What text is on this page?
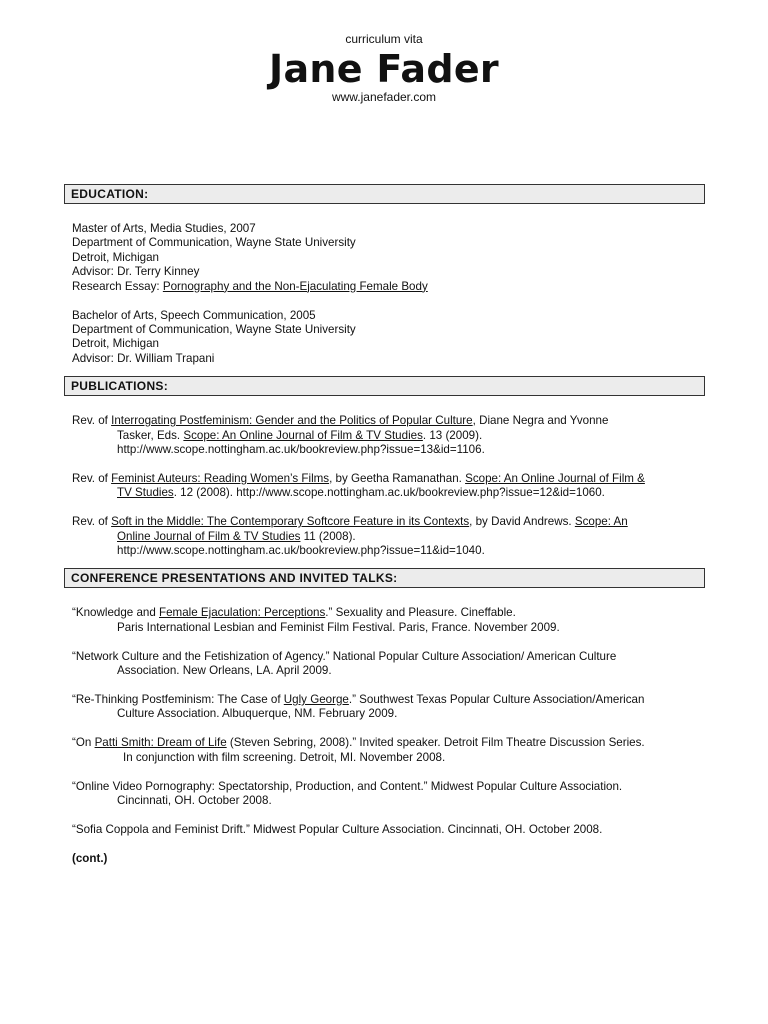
curriculum vita
Jane Fader
www.janefader.com
EDUCATION:
Master of Arts, Media Studies, 2007
Department of Communication, Wayne State University
Detroit, Michigan
Advisor: Dr. Terry Kinney
Research Essay: Pornography and the Non-Ejaculating Female Body
Bachelor of Arts, Speech Communication, 2005
Department of Communication, Wayne State University
Detroit, Michigan
Advisor: Dr. William Trapani
PUBLICATIONS:
Rev. of Interrogating Postfeminism: Gender and the Politics of Popular Culture, Diane Negra and Yvonne
Tasker, Eds. Scope: An Online Journal of Film & TV Studies. 13 (2009).
http://www.scope.nottingham.ac.uk/bookreview.php?issue=13&id=1106.
Rev. of Feminist Auteurs: Reading Women’s Films, by Geetha Ramanathan. Scope: An Online Journal of Film &
TV Studies. 12 (2008). http://www.scope.nottingham.ac.uk/bookreview.php?issue=12&id=1060.
Rev. of Soft in the Middle: The Contemporary Softcore Feature in its Contexts, by David Andrews. Scope: An
Online Journal of Film & TV Studies 11 (2008).
http://www.scope.nottingham.ac.uk/bookreview.php?issue=11&id=1040.
CONFERENCE PRESENTATIONS AND INVITED TALKS:
“Knowledge and Female Ejaculation: Perceptions.” Sexuality and Pleasure. Cineffable.
Paris International Lesbian and Feminist Film Festival. Paris, France. November 2009.
“Network Culture and the Fetishization of Agency.” National Popular Culture Association/ American Culture
Association. New Orleans, LA. April 2009.
“Re-Thinking Postfeminism: The Case of Ugly George.” Southwest Texas Popular Culture Association/American
Culture Association. Albuquerque, NM. February 2009.
“On Patti Smith: Dream of Life (Steven Sebring, 2008).” Invited speaker. Detroit Film Theatre Discussion Series.
In conjunction with film screening. Detroit, MI. November 2008.
“Online Video Pornography: Spectatorship, Production, and Content.” Midwest Popular Culture Association.
Cincinnati, OH. October 2008.
“Sofia Coppola and Feminist Drift.” Midwest Popular Culture Association. Cincinnati, OH. October 2008.
(cont.)
